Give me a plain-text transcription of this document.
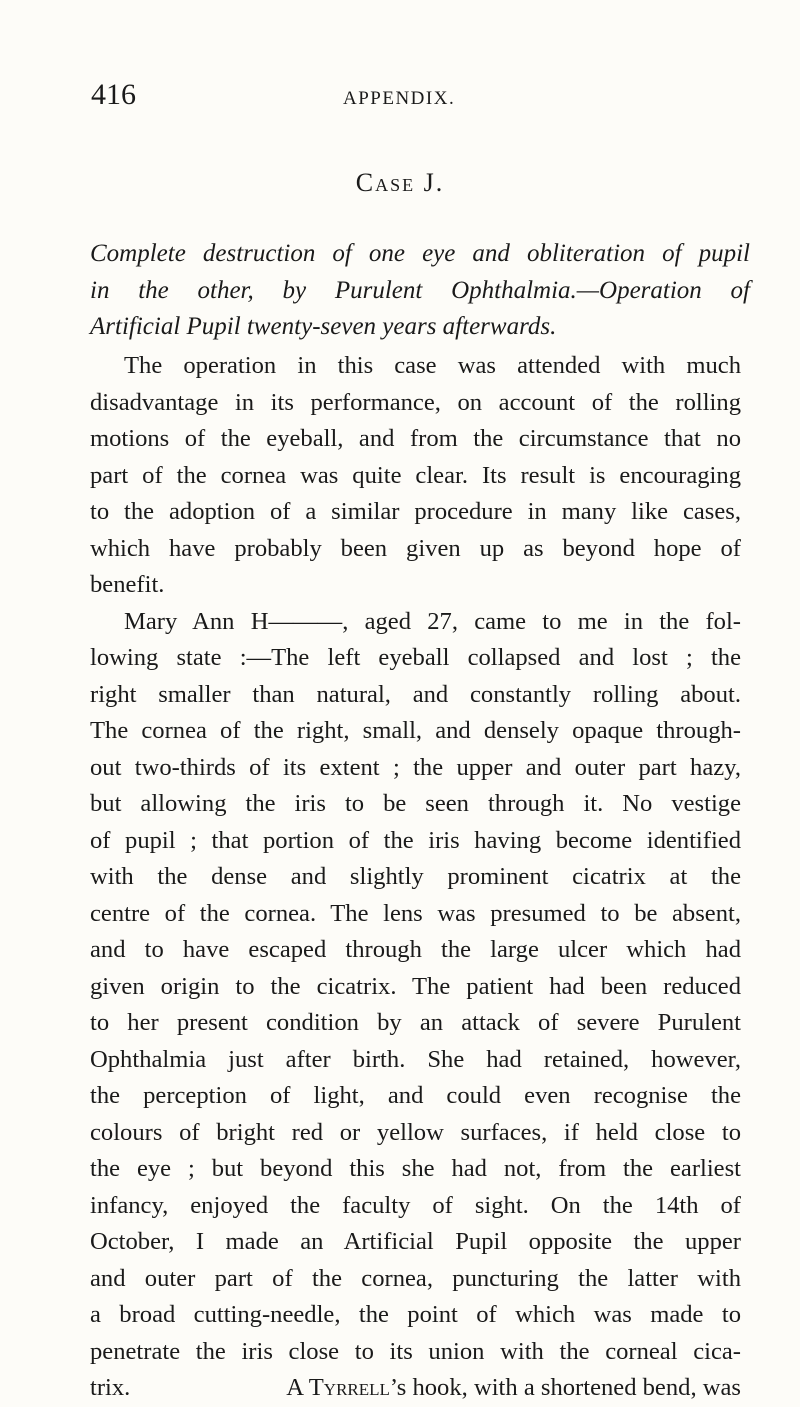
416	APPENDIX.
Case J.
Complete destruction of one eye and obliteration of pupil
in the other, by Purulent Ophthalmia.—Operation of
Artificial Pupil twenty-seven years afterwards.
The operation in this case was attended with much
disadvantage in its performance, on account of the rolling
motions of the eyeball, and from the circumstance that no
part of the cornea was quite clear. Its result is encouraging
to the adoption of a similar procedure in many like cases,
which have probably been given up as beyond hope of
benefit.
Mary Ann H———, aged 27, came to me in the fol-
lowing state :—The left eyeball collapsed and lost ; the
right smaller than natural, and constantly rolling about.
The cornea of the right, small, and densely opaque through-
out two-thirds of its extent ; the upper and outer part hazy,
but allowing the iris to be seen through it. No vestige
of pupil ; that portion of the iris having become identified
with the dense and slightly prominent cicatrix at the
centre of the cornea. The lens was presumed to be absent,
and to have escaped through the large ulcer which had
given origin to the cicatrix. The patient had been reduced
to her present condition by an attack of severe Purulent
Ophthalmia just after birth. She had retained, however,
the perception of light, and could even recognise the
colours of bright red or yellow surfaces, if held close to
the eye ; but beyond this she had not, from the earliest
infancy, enjoyed the faculty of sight. On the 14th of
October, I made an Artificial Pupil opposite the upper
and outer part of the cornea, puncturing the latter with
a broad cutting-needle, the point of which was made to
penetrate the iris close to its union with the corneal cica-
trix.	A Tyrrell’s hook, with a shortened bend, was
